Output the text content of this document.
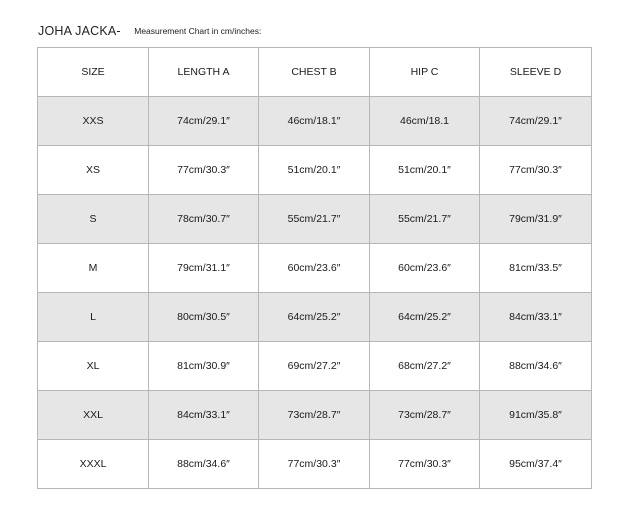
JOHA JACKA- Measurement Chart in cm/inches:
SIZE	LENGTH A	CHEST B	HIP C	SLEEVE D
XXS	74cm/29.1″	46cm/18.1″	46cm/18.1	74cm/29.1″
XS	77cm/30.3″	51cm/20.1″	51cm/20.1″	77cm/30.3″
S	78cm/30.7″	55cm/21.7″	55cm/21.7″	79cm/31.9″
M	79cm/31.1″	60cm/23.6″	60cm/23.6″	81cm/33.5″
L	80cm/30.5″	64cm/25.2″	64cm/25.2″	84cm/33.1″
XL	81cm/30.9″	69cm/27.2″	68cm/27.2″	88cm/34.6″
XXL	84cm/33.1″	73cm/28.7″	73cm/28.7″	91cm/35.8″
XXXL	88cm/34.6″	77cm/30.3″	77cm/30.3″	95cm/37.4″
